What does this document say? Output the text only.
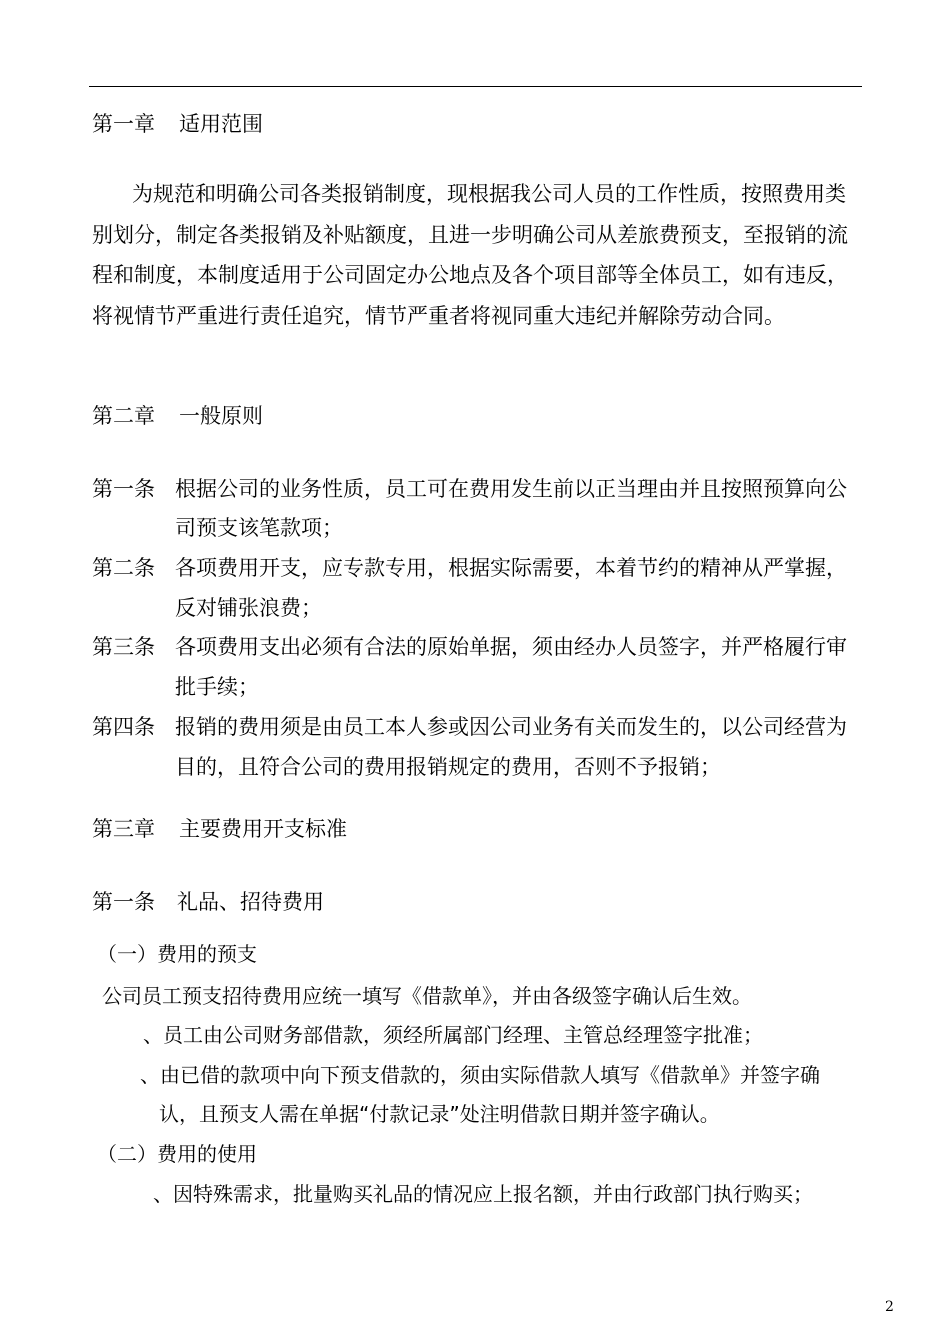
第一章 适用范围
为规范和明确公司各类报销制度，现根据我公司人员的工作性质，按照费用类
别划分，制定各类报销及补贴额度，且进一步明确公司从差旅费预支，至报销的流
程和制度，本制度适用于公司固定办公地点及各个项目部等全体员工，如有违反，
将视情节严重进行责任追究，情节严重者将视同重大违纪并解除劳动合同。
第二章 一般原则
第一条 根据公司的业务性质，员工可在费用发生前以正当理由并且按照预算向公
司预支该笔款项；
第二条 各项费用开支，应专款专用，根据实际需要，本着节约的精神从严掌握，
反对铺张浪费；
第三条 各项费用支出必须有合法的原始单据，须由经办人员签字，并严格履行审
批手续；
第四条 报销的费用须是由员工本人参或因公司业务有关而发生的，以公司经营为
目的，且符合公司的费用报销规定的费用，否则不予报销；
第三章 主要费用开支标准
第一条 礼品、招待费用
（一）费用的预支
公司员工预支招待费用应统一填写《借款单》，并由各级签字确认后生效。
、员工由公司财务部借款，须经所属部门经理、主管总经理签字批准；
、由已借的款项中向下预支借款的，须由实际借款人填写《借款单》并签字确
认，且预支人需在单据“付款记录”处注明借款日期并签字确认。
（二）费用的使用
、因特殊需求，批量购买礼品的情况应上报名额，并由行政部门执行购买；
2
